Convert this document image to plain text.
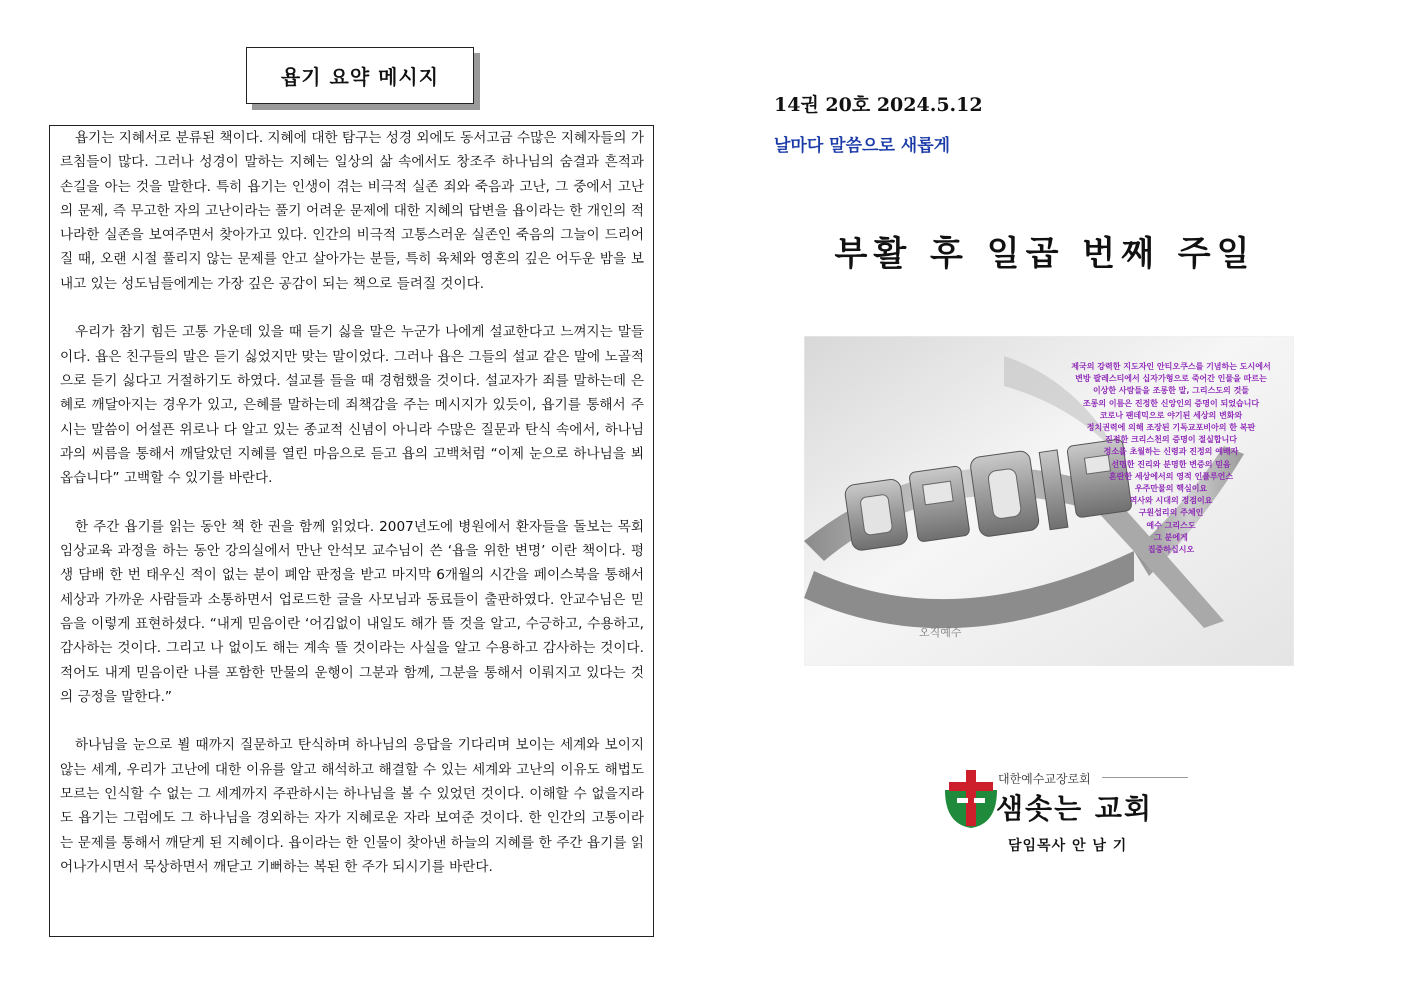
욥기 요약 메시지

욥기는 지혜서로 분류된 책이다. 지혜에 대한 탐구는 성경 외에도 동서고금 수많은 지혜자들의 가르침들이 많다. 그러나 성경이 말하는 지혜는 일상의 삶 속에서도 창조주 하나님의 숨결과 흔적과 손길을 아는 것을 말한다. 특히 욥기는 인생이 겪는 비극적 실존 죄와 죽음과 고난, 그 중에서 고난의 문제, 즉 무고한 자의 고난이라는 풀기 어려운 문제에 대한 지혜의 답변을 욥이라는 한 개인의 적나라한 실존을 보여주면서 찾아가고 있다. 인간의 비극적 고통스러운 실존인 죽음의 그늘이 드리어질 때, 오랜 시절 풀리지 않는 문제를 안고 살아가는 분들, 특히 육체와 영혼의 깊은 어두운 밤을 보내고 있는 성도님들에게는 가장 깊은 공감이 되는 책으로 들려질 것이다.

우리가 참기 힘든 고통 가운데 있을 때 듣기 싫을 말은 누군가 나에게 설교한다고 느껴지는 말들이다. 욥은 친구들의 말은 듣기 싫었지만 맞는 말이었다. 그러나 욥은 그들의 설교 같은 말에 노골적으로 듣기 싫다고 거절하기도 하였다. 설교를 들을 때 경험했을 것이다. 설교자가 죄를 말하는데 은혜로 깨달아지는 경우가 있고, 은혜를 말하는데 죄책감을 주는 메시지가 있듯이, 욥기를 통해서 주시는 말씀이 어설픈 위로나 다 알고 있는 종교적 신념이 아니라 수많은 질문과 탄식 속에서, 하나님과의 씨름을 통해서 깨달았던 지혜를 열린 마음으로 듣고 욥의 고백처럼 “이제 눈으로 하나님을 뵈옵습니다” 고백할 수 있기를 바란다.

한 주간 욥기를 읽는 동안 책 한 권을 함께 읽었다. 2007년도에 병원에서 환자들을 돌보는 목회임상교육 과정을 하는 동안 강의실에서 만난 안석모 교수님이 쓴 ‘욥을 위한 변명’ 이란 책이다. 평생 담배 한 번 태우신 적이 없는 분이 폐암 판정을 받고 마지막 6개월의 시간을 페이스북을 통해서 세상과 가까운 사람들과 소통하면서 업로드한 글을 사모님과 동료들이 출판하였다. 안교수님은 믿음을 이렇게 표현하셨다. “내게 믿음이란 ‘어김없이 내일도 해가 뜰 것을 알고, 수긍하고, 수용하고, 감사하는 것이다. 그리고 나 없이도 해는 계속 뜰 것이라는 사실을 알고 수용하고 감사하는 것이다. 적어도 내게 믿음이란 나를 포함한 만물의 운행이 그분과 함께, 그분을 통해서 이뤄지고 있다는 것의 긍정을 말한다.”

하나님을 눈으로 뵐 때까지 질문하고 탄식하며 하나님의 응답을 기다리며 보이는 세계와 보이지 않는 세계, 우리가 고난에 대한 이유를 알고 해석하고 해결할 수 있는 세계와 고난의 이유도 해법도 모르는 인식할 수 없는 그 세계까지 주관하시는 하나님을 볼 수 있었던 것이다. 이해할 수 없을지라도 욥기는 그럼에도 그 하나님을 경외하는 자가 지혜로운 자라 보여준 것이다. 한 인간의 고통이라는 문제를 통해서 깨닫게 된 지혜이다. 욥이라는 한 인물이 찾아낸 하늘의 지혜를 한 주간 욥기를 읽어나가시면서 묵상하면서 깨닫고 기뻐하는 복된 한 주가 되시기를 바란다.

14권 20호 2024.5.12
날마다 말씀으로 새롭게
부활 후 일곱 번째 주일
오직예수
제국의 강력한 지도자인 안티오쿠스를 기념하는 도시에서
변방 팔레스티에서 십자가형으로 죽어간 인물을 따르는
이상한 사람들을 조롱한 말, 그리스도의 것들
조롱의 이름은 진정한 신앙인의 증명이 되었습니다
코로나 팬데믹으로 야기된 세상의 변화와
정치권력에 의해 조장된 기독교포비아의 한 복판
진정한 크리스천의 증명이 절실합니다
정소를 초월하는 신령과 진정의 예배자
선명한 진리와 분명한 변증의 믿음
혼란한 세상에서의 영적 인플루언스
우주만물의 핵심이요
역사와 시대의 정점이요
구원섭리의 주체인
예수 그리스도
그 분에게
집중하십시오
대한예수교장로회
샘솟는 교회
담임목사 안 남 기
